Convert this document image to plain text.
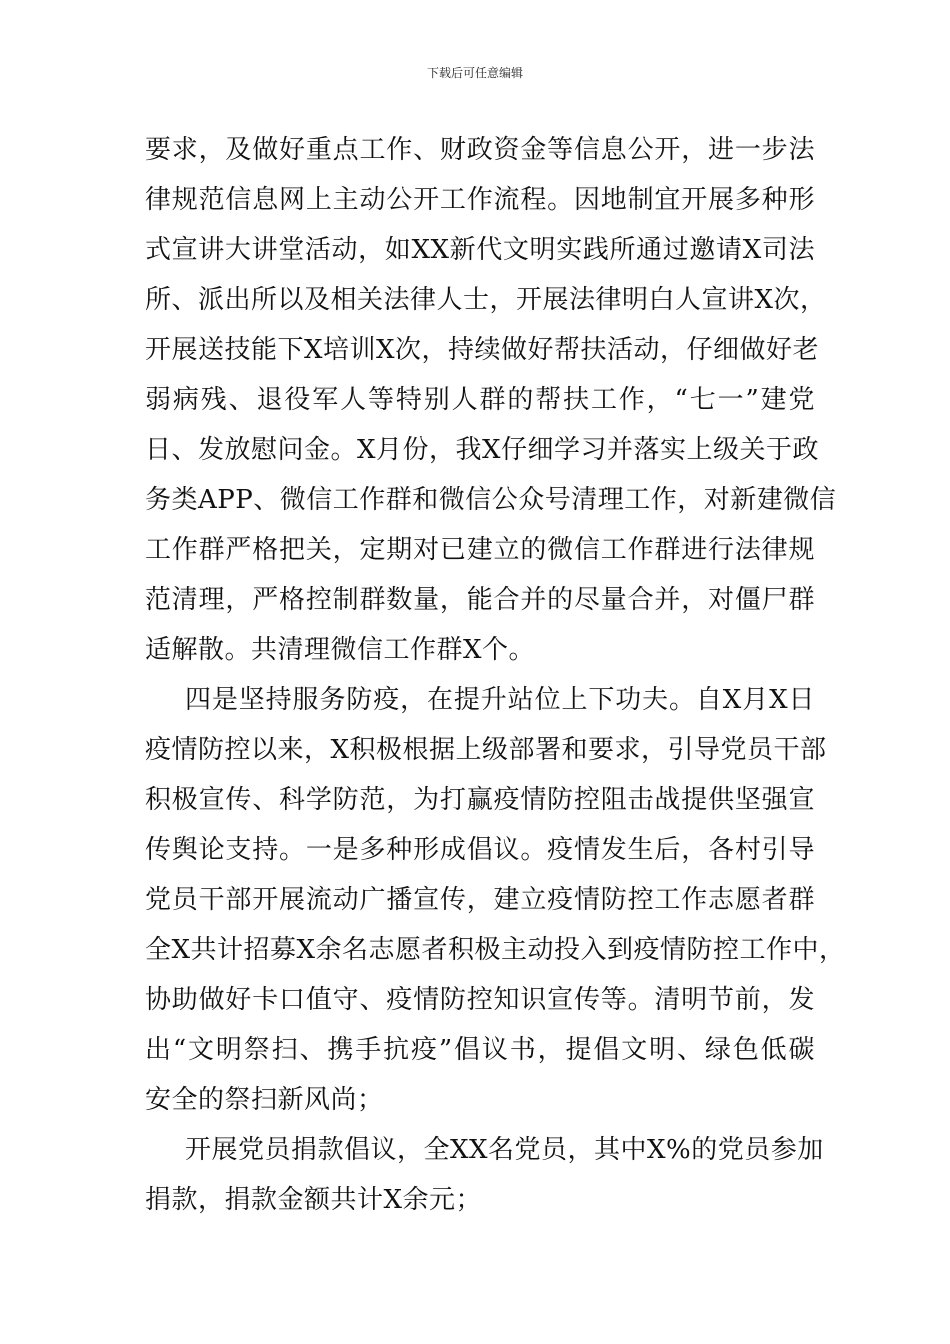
下载后可任意编辑
要求，及做好重点工作、财政资金等信息公开，进一步法
律规范信息网上主动公开工作流程。因地制宜开展多种形
式宣讲大讲堂活动，如XX新代文明实践所通过邀请X司法
所、派出所以及相关法律人士，开展法律明白人宣讲X次，
开展送技能下X培训X次，持续做好帮扶活动，仔细做好老
弱病残、退役军人等特别人群的帮扶工作，“七一”建党
日、发放慰问金。X月份，我X仔细学习并落实上级关于政
务类APP、微信工作群和微信公众号清理工作，对新建微信
工作群严格把关，定期对已建立的微信工作群进行法律规
范清理，严格控制群数量，能合并的尽量合并，对僵尸群
适解散。共清理微信工作群X个。
四是坚持服务防疫，在提升站位上下功夫。自X月X日
疫情防控以来，X积极根据上级部署和要求，引导党员干部
积极宣传、科学防范，为打赢疫情防控阻击战提供坚强宣
传舆论支持。一是多种形成倡议。疫情发生后，各村引导
党员干部开展流动广播宣传，建立疫情防控工作志愿者群
全X共计招募X余名志愿者积极主动投入到疫情防控工作中，
协助做好卡口值守、疫情防控知识宣传等。清明节前，发
出“文明祭扫、携手抗疫”倡议书，提倡文明、绿色低碳
安全的祭扫新风尚；
开展党员捐款倡议，全XX名党员，其中X%的党员参加
捐款，捐款金额共计X余元；
